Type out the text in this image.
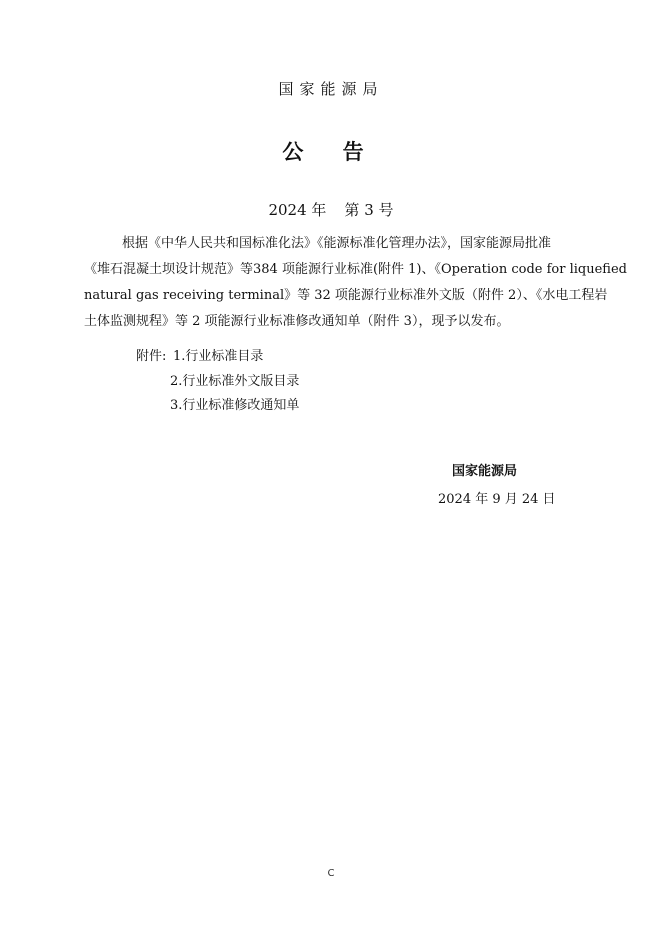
国家能源局
公 告
2024 年 第 3 号
根据《中华人民共和国标准化法》《能源标准化管理办法》，国家能源局批准
《堆石混凝土坝设计规范》等384 项能源行业标准(附件 1)、《Operation code for liquefied
natural gas receiving terminal》等 32 项能源行业标准外文版（附件 2）、《水电工程岩
土体监测规程》等 2 项能源行业标准修改通知单（附件 3），现予以发布。
附件: 1.行业标准目录
2.行业标准外文版目录
3.行业标准修改通知单
国家能源局
2024 年 9 月 24 日
C
